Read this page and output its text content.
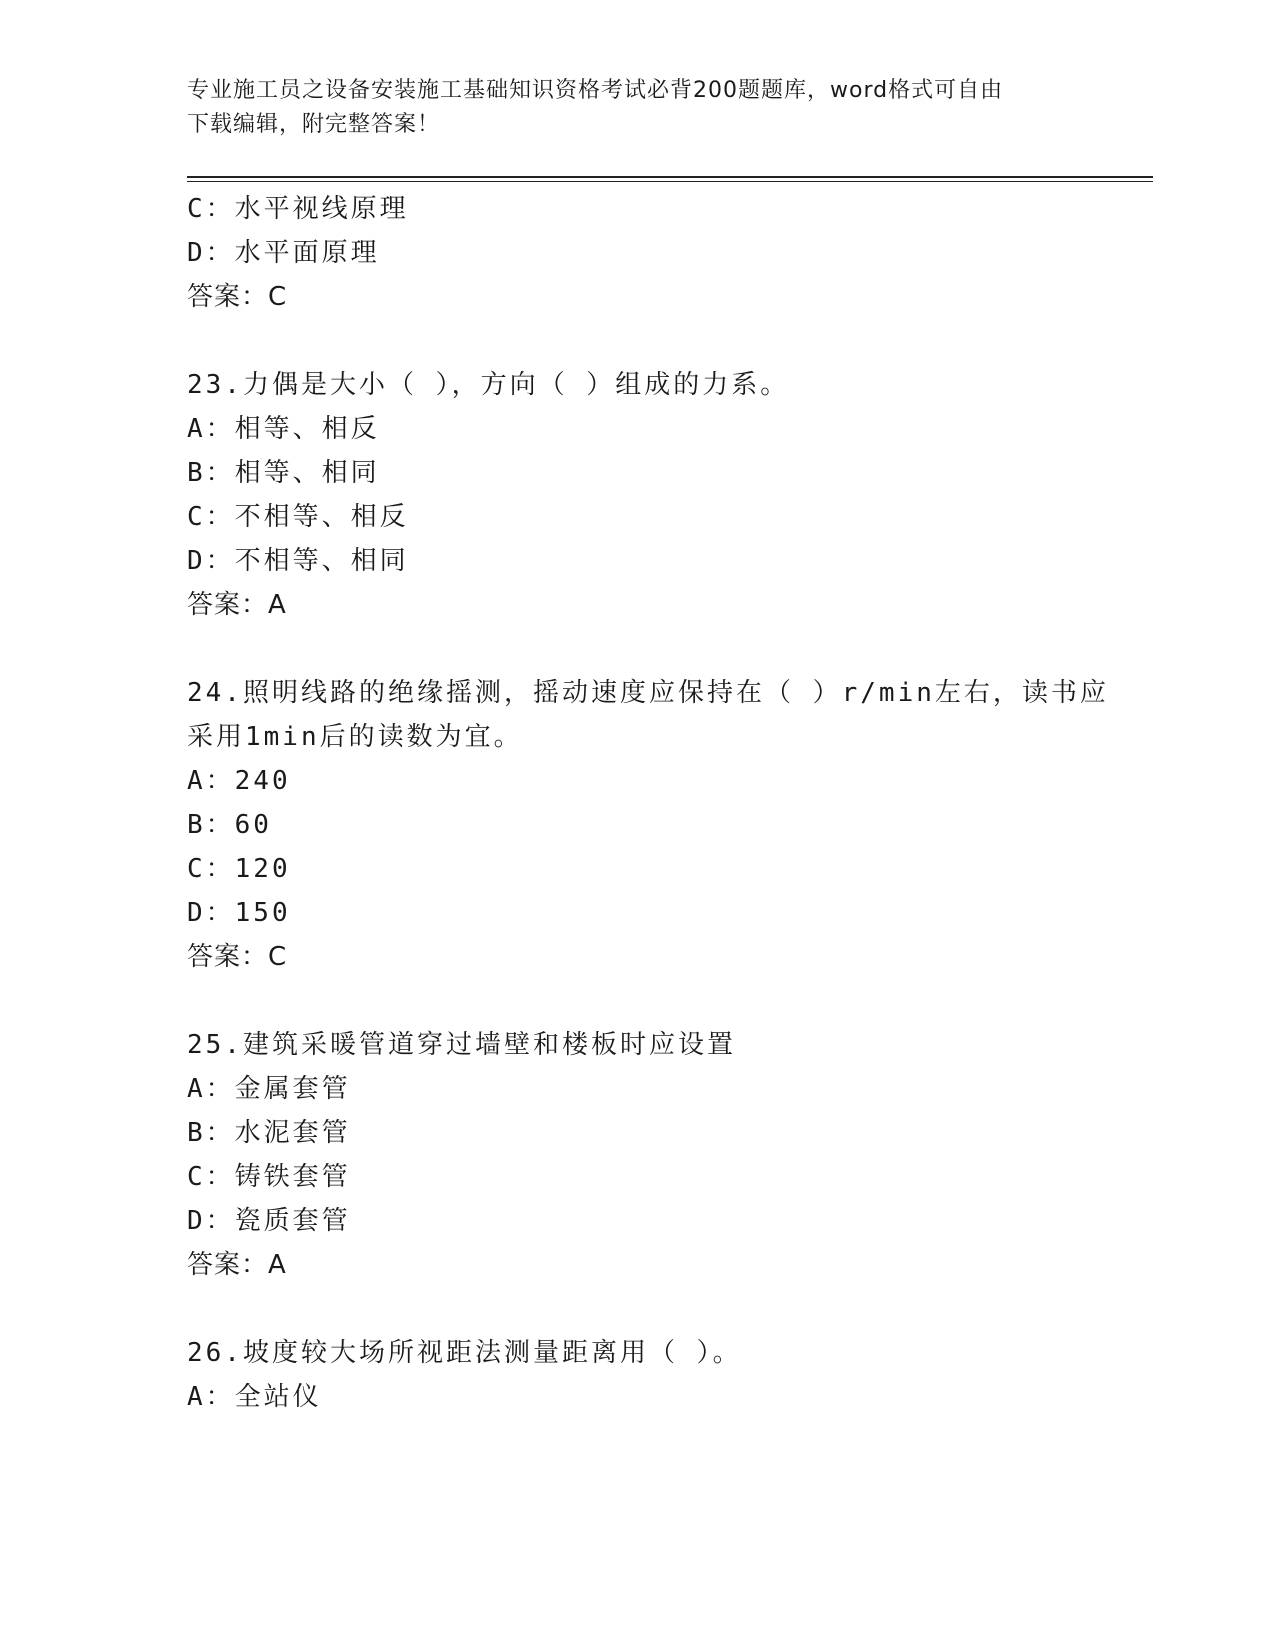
专业施工员之设备安装施工基础知识资格考试必背200题题库，word格式可自由
下载编辑，附完整答案！
C：水平视线原理
D：水平面原理
答案：C
23.力偶是大小（ ），方向（ ）组成的力系。
A：相等、相反
B：相等、相同
C：不相等、相反
D：不相等、相同
答案：A
24.照明线路的绝缘摇测，摇动速度应保持在（ ）r/min左右，读书应
采用1min后的读数为宜。
A：240
B：60
C：120
D：150
答案：C
25.建筑采暖管道穿过墙壁和楼板时应设置
A：金属套管
B：水泥套管
C：铸铁套管
D：瓷质套管
答案：A
26.坡度较大场所视距法测量距离用（ ）。
A：全站仪
